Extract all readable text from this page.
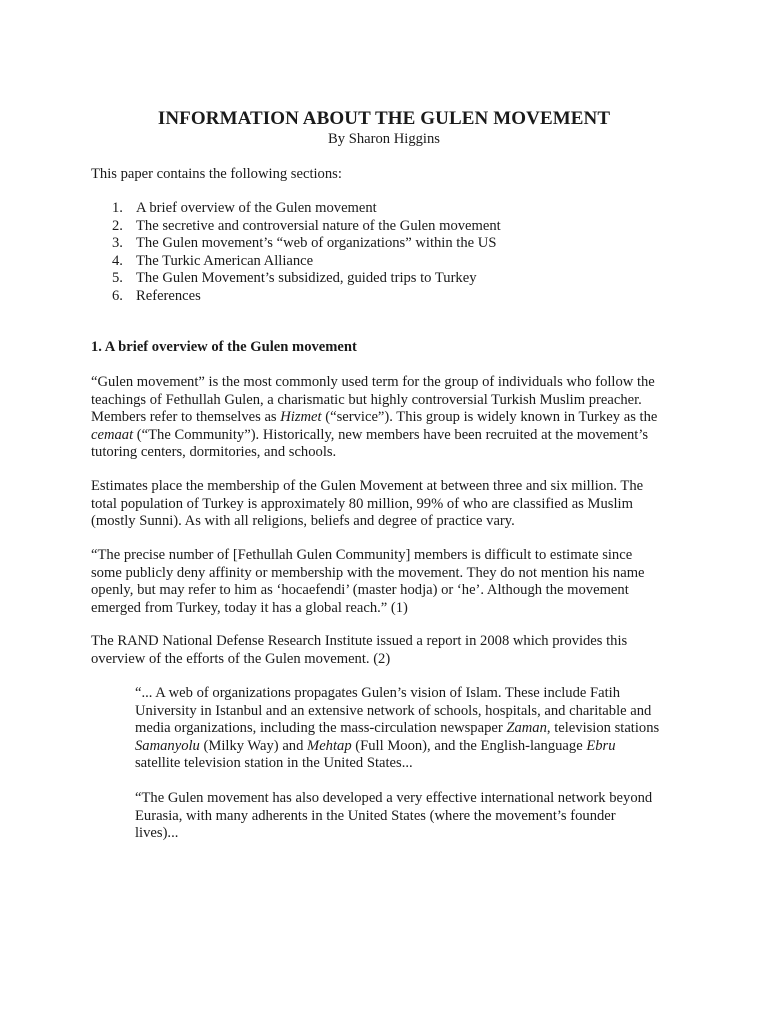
INFORMATION ABOUT THE GULEN MOVEMENT
By Sharon Higgins
This paper contains the following sections:
1. A brief overview of the Gulen movement
2. The secretive and controversial nature of the Gulen movement
3. The Gulen movement’s “web of organizations” within the US
4. The Turkic American Alliance
5. The Gulen Movement’s subsidized, guided trips to Turkey
6. References
1. A brief overview of the Gulen movement

“Gulen movement” is the most commonly used term for the group of individuals who follow the
teachings of Fethullah Gulen, a charismatic but highly controversial Turkish Muslim preacher.
Members refer to themselves as Hizmet (“service”). This group is widely known in Turkey as the
cemaat (“The Community”). Historically, new members have been recruited at the movement’s
tutoring centers, dormitories, and schools.

Estimates place the membership of the Gulen Movement at between three and six million. The
total population of Turkey is approximately 80 million, 99% of who are classified as Muslim
(mostly Sunni). As with all religions, beliefs and degree of practice vary.

“The precise number of [Fethullah Gulen Community] members is difficult to estimate since
some publicly deny affinity or membership with the movement. They do not mention his name
openly, but may refer to him as ‘hocaefendi’ (master hodja) or ‘he’. Although the movement
emerged from Turkey, today it has a global reach.” (1)

The RAND National Defense Research Institute issued a report in 2008 which provides this
overview of the efforts of the Gulen movement. (2)

“... A web of organizations propagates Gulen’s vision of Islam. These include Fatih
University in Istanbul and an extensive network of schools, hospitals, and charitable and
media organizations, including the mass-circulation newspaper Zaman, television stations
Samanyolu (Milky Way) and Mehtap (Full Moon), and the English-language Ebru
satellite television station in the United States...

“The Gulen movement has also developed a very effective international network beyond
Eurasia, with many adherents in the United States (where the movement’s founder
lives)...
